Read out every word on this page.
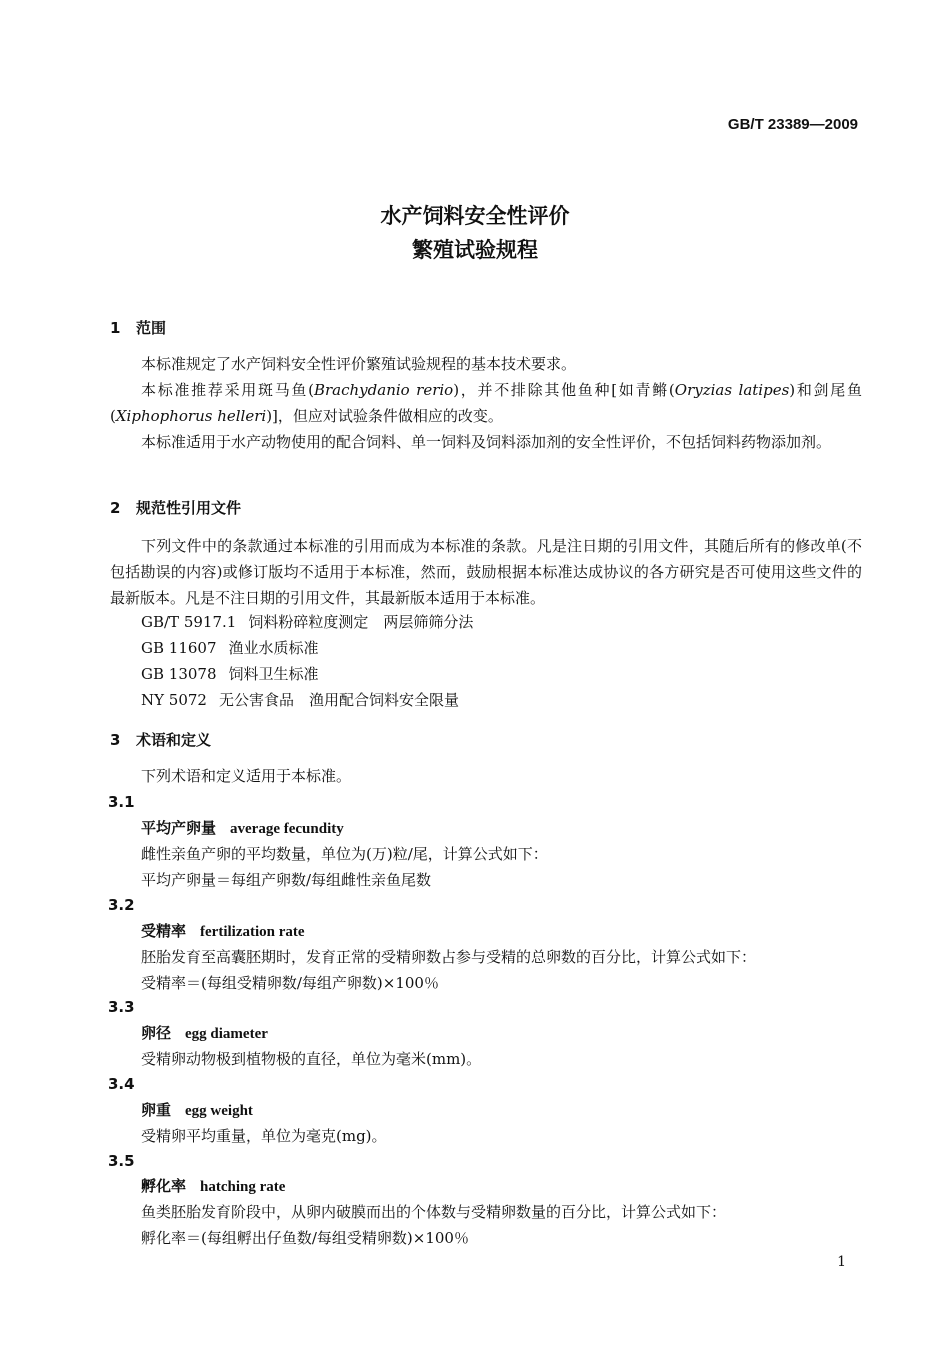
GB/T 23389—2009
水产饲料安全性评价
繁殖试验规程
1 范围
本标准规定了水产饲料安全性评价繁殖试验规程的基本技术要求。
本标准推荐采用斑马鱼(Brachydanio rerio)，并不排除其他鱼种[如青鳉(Oryzias latipes)和剑尾鱼(Xiphophorus helleri)]，但应对试验条件做相应的改变。
本标准适用于水产动物使用的配合饲料、单一饲料及饲料添加剂的安全性评价，不包括饲料药物添加剂。
2 规范性引用文件
下列文件中的条款通过本标准的引用而成为本标准的条款。凡是注日期的引用文件，其随后所有的修改单(不包括勘误的内容)或修订版均不适用于本标准，然而，鼓励根据本标准达成协议的各方研究是否可使用这些文件的最新版本。凡是不注日期的引用文件，其最新版本适用于本标准。
GB/T 5917.1 饲料粉碎粒度测定　两层筛筛分法
GB 11607 渔业水质标准
GB 13078 饲料卫生标准
NY 5072 无公害食品　渔用配合饲料安全限量
3 术语和定义
下列术语和定义适用于本标准。
3.1
平均产卵量 average fecundity
雌性亲鱼产卵的平均数量，单位为(万)粒/尾，计算公式如下：
平均产卵量＝每组产卵数/每组雌性亲鱼尾数
3.2
受精率 fertilization rate
胚胎发育至高囊胚期时，发育正常的受精卵数占参与受精的总卵数的百分比，计算公式如下：
受精率＝(每组受精卵数/每组产卵数)×100％
3.3
卵径 egg diameter
受精卵动物极到植物极的直径，单位为毫米(mm)。
3.4
卵重 egg weight
受精卵平均重量，单位为毫克(mg)。
3.5
孵化率 hatching rate
鱼类胚胎发育阶段中，从卵内破膜而出的个体数与受精卵数量的百分比，计算公式如下：
孵化率＝(每组孵出仔鱼数/每组受精卵数)×100％
1
